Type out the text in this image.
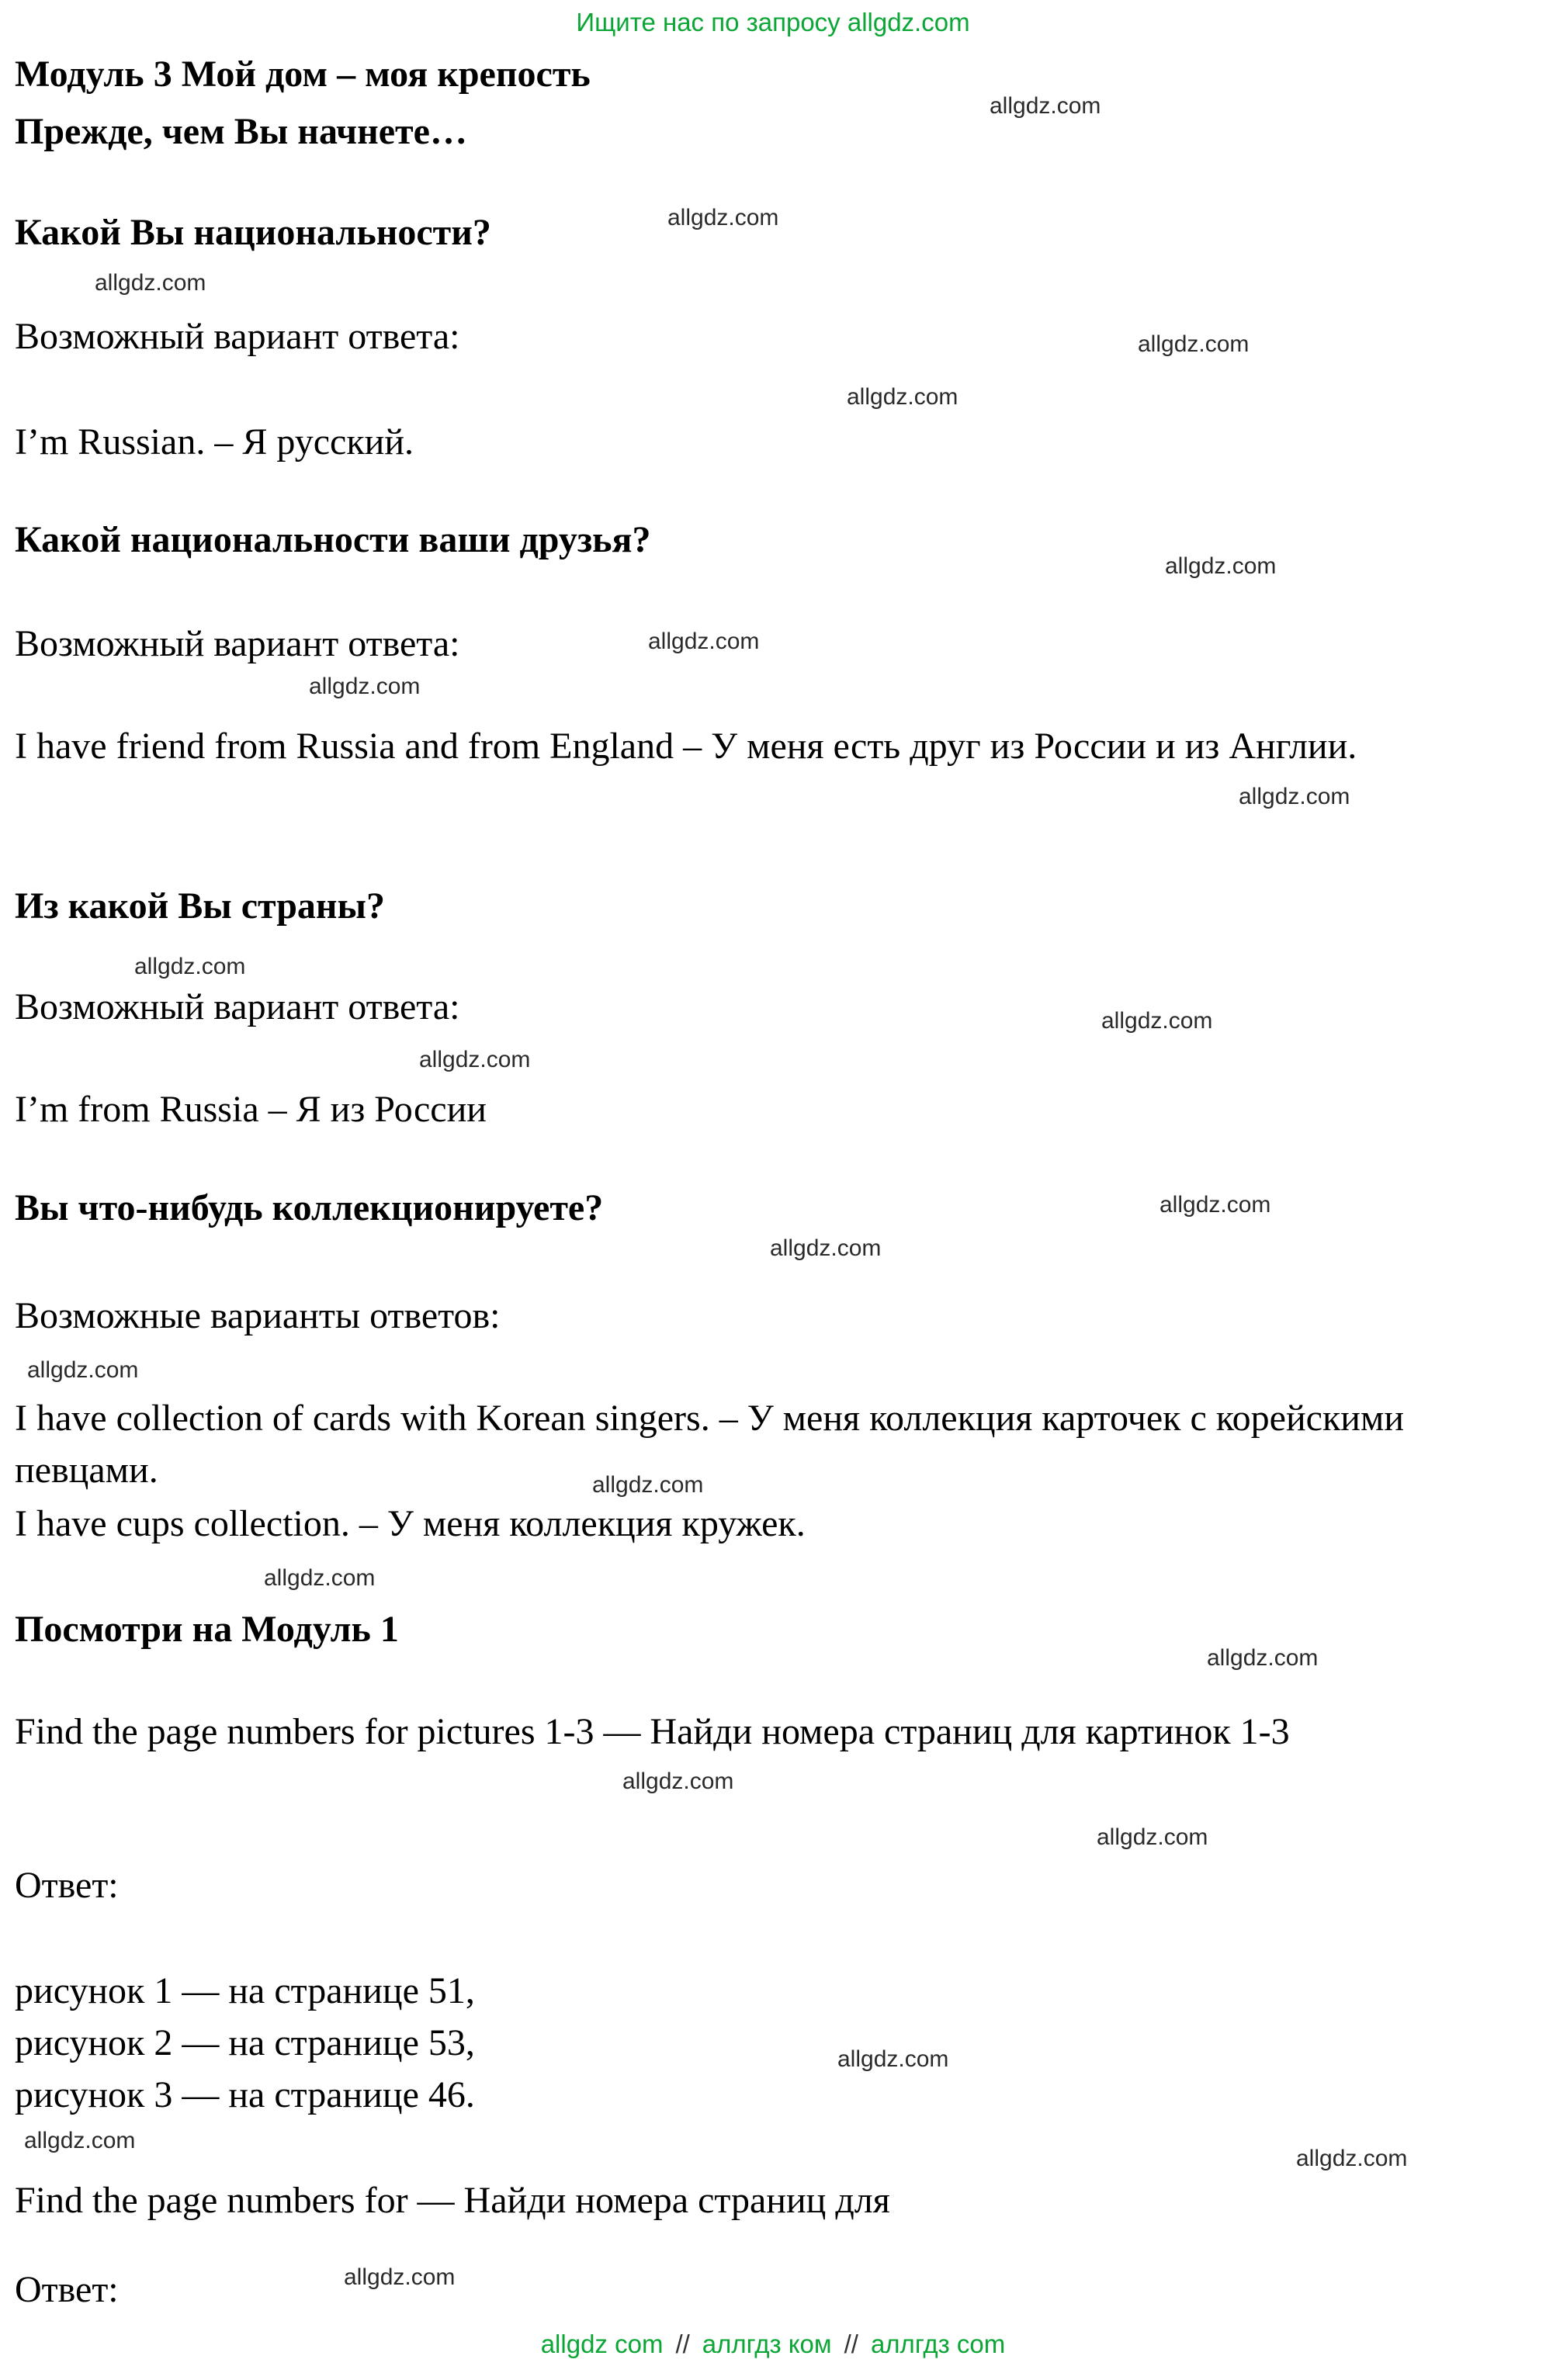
Ищите нас по запросу allgdz.com
Модуль 3 Мой дом – моя крепость
Прежде, чем Вы начнете…
Какой Вы национальности?
Возможный вариант ответа:
I’m Russian. – Я русский.
Какой национальности ваши друзья?
Возможный вариант ответа:
I have friend from Russia and from England – У меня есть друг из России и из Англии.
Из какой Вы страны?
Возможный вариант ответа:
I’m from Russia – Я из России
Вы что-нибудь коллекционируете?
Возможные варианты ответов:
I have collection of cards with Korean singers. – У меня коллекция карточек с корейскими певцами.
I have cups collection. – У меня коллекция кружек.
Посмотри на Модуль 1
Find the page numbers for pictures 1-3 — Найди номера страниц для картинок 1-3
Ответ:
рисунок 1 — на странице 51,
рисунок 2 — на странице 53,
рисунок 3 — на странице 46.
Find the page numbers for — Найди номера страниц для
Ответ:
allgdz.com
allgdz.com
allgdz.com
allgdz.com
allgdz.com
allgdz.com
allgdz.com
allgdz.com
allgdz.com
allgdz.com
allgdz.com
allgdz.com
allgdz.com
allgdz.com
allgdz.com
allgdz.com
allgdz.com
allgdz.com
allgdz.com
allgdz.com
allgdz.com
allgdz.com
allgdz.com
allgdz.com
allgdz com // аллгдз ком // аллгдз com
